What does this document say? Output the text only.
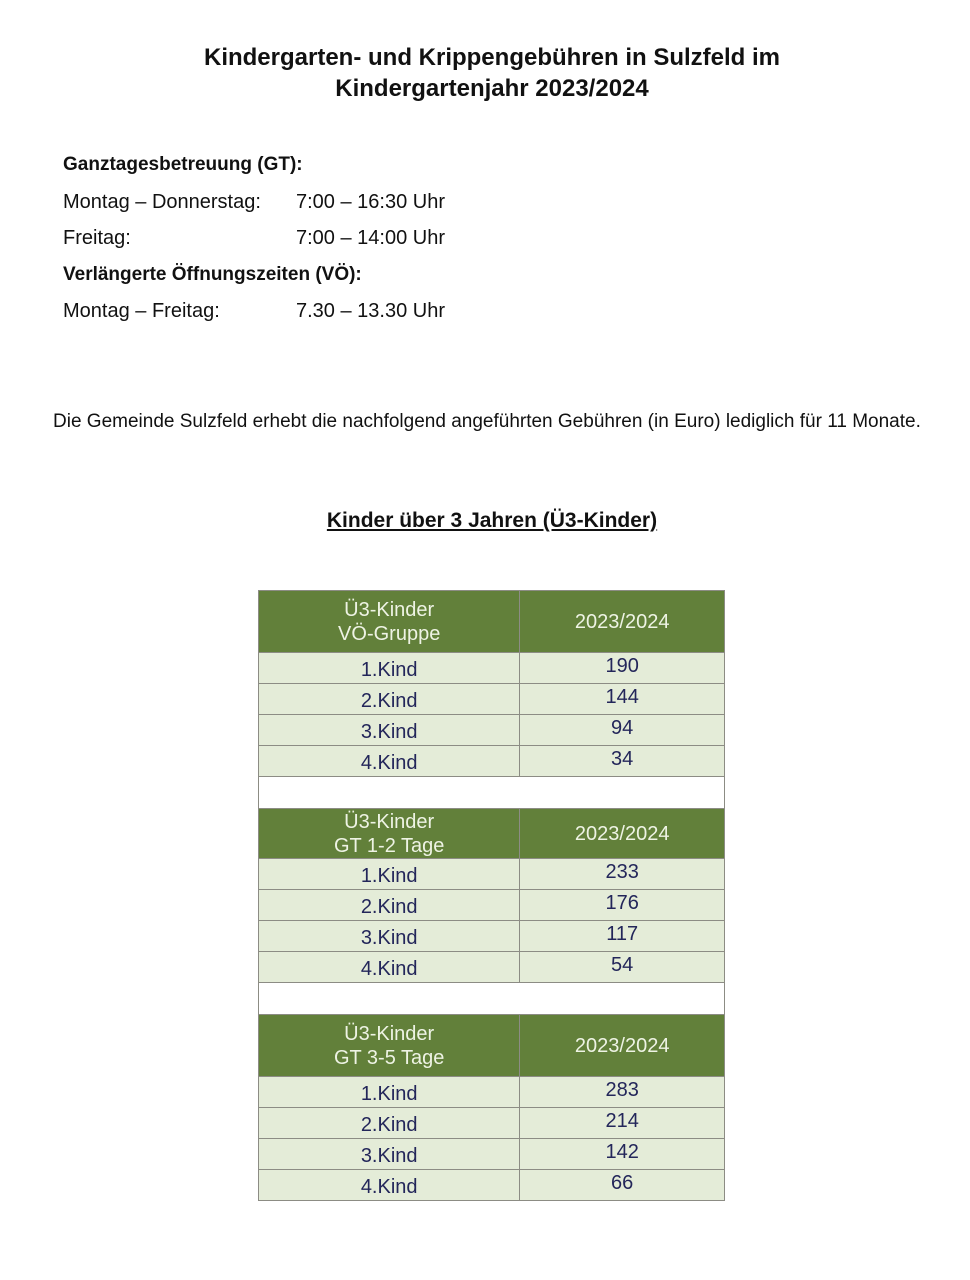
Kindergarten- und Krippengebühren in Sulzfeld im
Kindergartenjahr 2023/2024
Ganztagesbetreuung (GT):
Montag – Donnerstag: 7:00 – 16:30 Uhr
Freitag:	7:00 – 14:00 Uhr
Verlängerte Öffnungszeiten (VÖ):
Montag – Freitag:	7.30 – 13.30 Uhr
Die Gemeinde Sulzfeld erhebt die nachfolgend angeführten Gebühren (in Euro) lediglich für 11 Monate.
Kinder über 3 Jahren (Ü3-Kinder)
Ü3-Kinder
VÖ-Gruppe	2023/2024
1.Kind	190
2.Kind	144
3.Kind	94
4.Kind	34

Ü3-Kinder
GT 1-2 Tage	2023/2024
1.Kind	233
2.Kind	176
3.Kind	117
4.Kind	54

Ü3-Kinder
GT 3-5 Tage	2023/2024
1.Kind	283
2.Kind	214
3.Kind	142
4.Kind	66
